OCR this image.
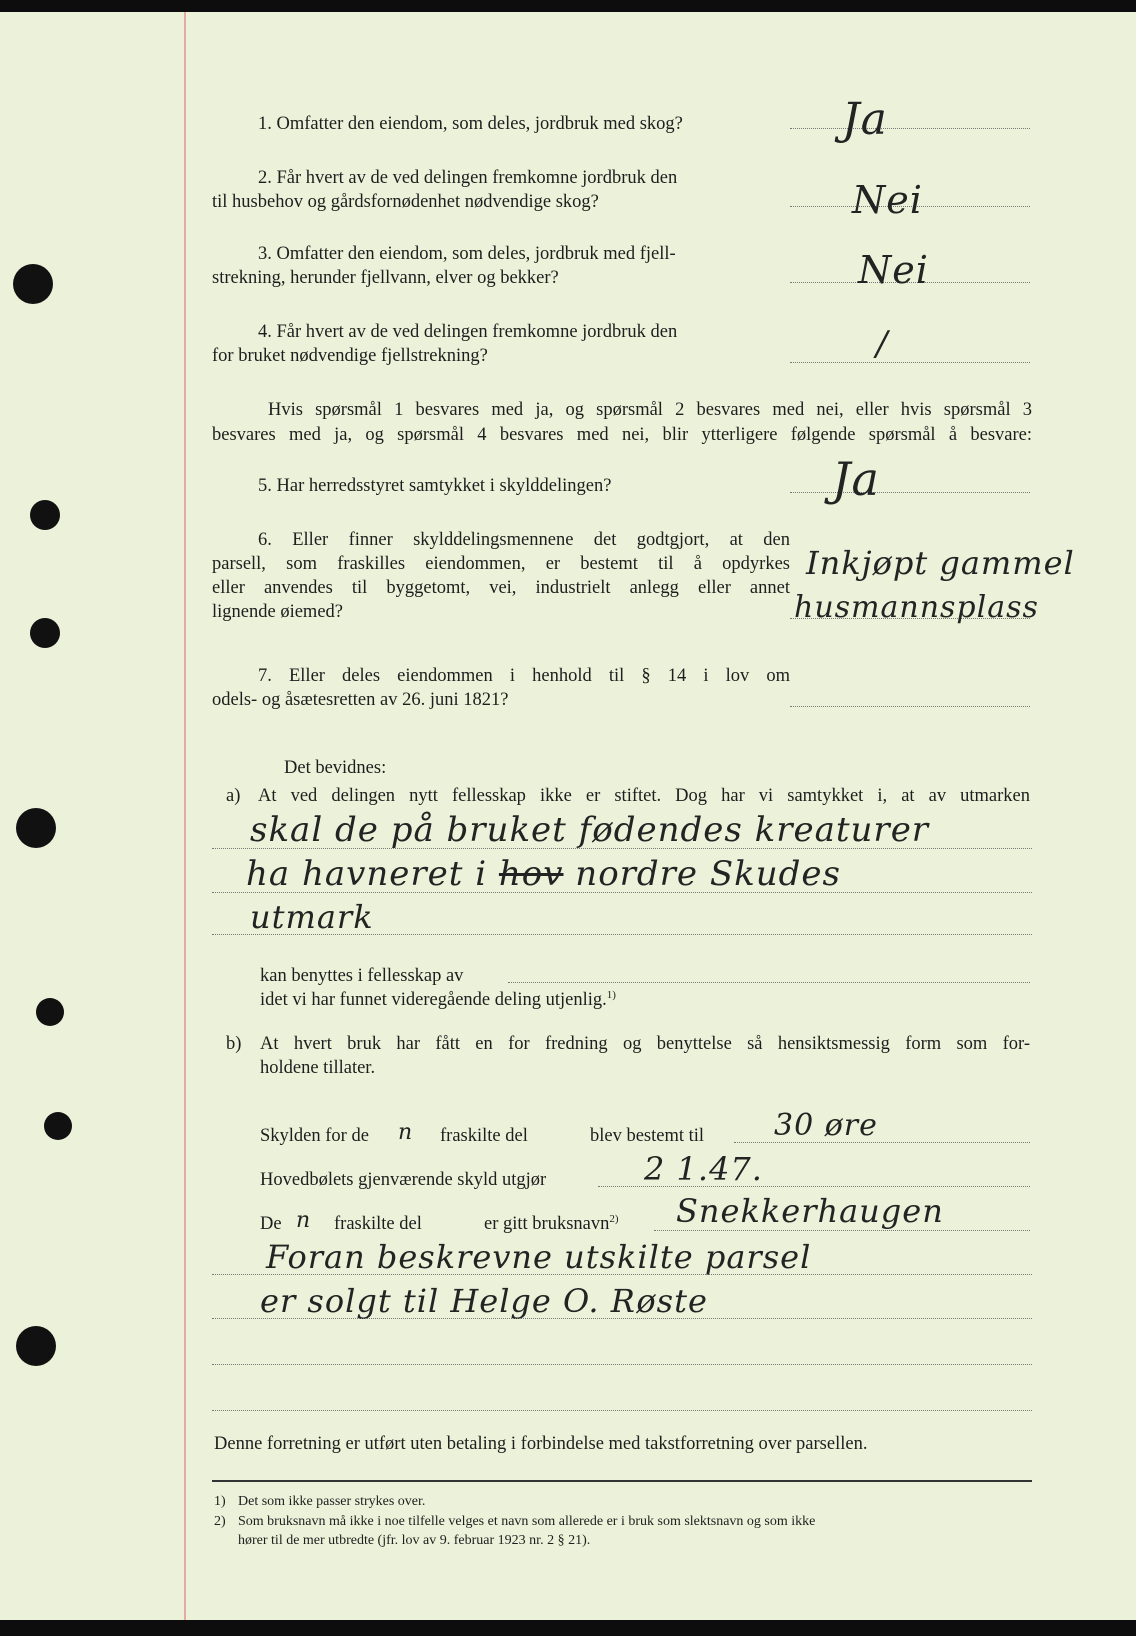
1. Omfatter den eiendom, som deles, jordbruk med skog?	Ja
2. Får hvert av de ved delingen fremkomne jordbruk den
til husbehov og gårdsfornødenhet nødvendige skog?	Nei
3. Omfatter den eiendom, som deles, jordbruk med fjell-
strekning, herunder fjellvann, elver og bekker?	Nei
4. Får hvert av de ved delingen fremkomne jordbruk den
for bruket nødvendige fjellstrekning?	/
Hvis spørsmål 1 besvares med ja, og spørsmål 2 besvares med nei, eller hvis spørsmål 3
besvares med ja, og spørsmål 4 besvares med nei, blir ytterligere følgende spørsmål å besvare:
5. Har herredsstyret samtykket i skylddelingen?	Ja
6. Eller finner skylddelingsmennene det godtgjort, at den
parsell, som fraskilles eiendommen, er bestemt til å opdyrkes
eller anvendes til byggetomt, vei, industrielt anlegg eller annet
lignende øiemed?
Inkjøpt gammel
husmannsplass
7. Eller deles eiendommen i henhold til § 14 i lov om
odels- og åsætesretten av 26. juni 1821?
Det bevidnes:
a) At ved delingen nytt fellesskap ikke er stiftet. Dog har vi samtykket i, at av utmarken
skal de på bruket fødendes kreaturer
ha havneret i hov nordre Skudes
utmark
kan benyttes i fellesskap av
idet vi har funnet videregående deling utjenlig.$^{1)}$
b) At hvert bruk har fått en for fredning og benyttelse så hensiktsmessig form som for-
holdene tillater.
Skylden for de n fraskilte del	blev bestemt til 30 øre
Hovedbølets gjenværende skyld utgjør	2 1.47.
De n fraskilte del	er gitt bruksnavn$^{2)}$ Snekkerhaugen
Foran beskrevne utskilte parsel
er solgt til Helge O. Røste
Denne forretning er utført uten betaling i forbindelse med takstforretning over parsellen.
1) Det som ikke passer strykes over.
2) Som bruksnavn må ikke i noe tilfelle velges et navn som allerede er i bruk som slektsnavn og som ikke
hører til de mer utbredte (jfr. lov av 9. februar 1923 nr. 2 § 21).
